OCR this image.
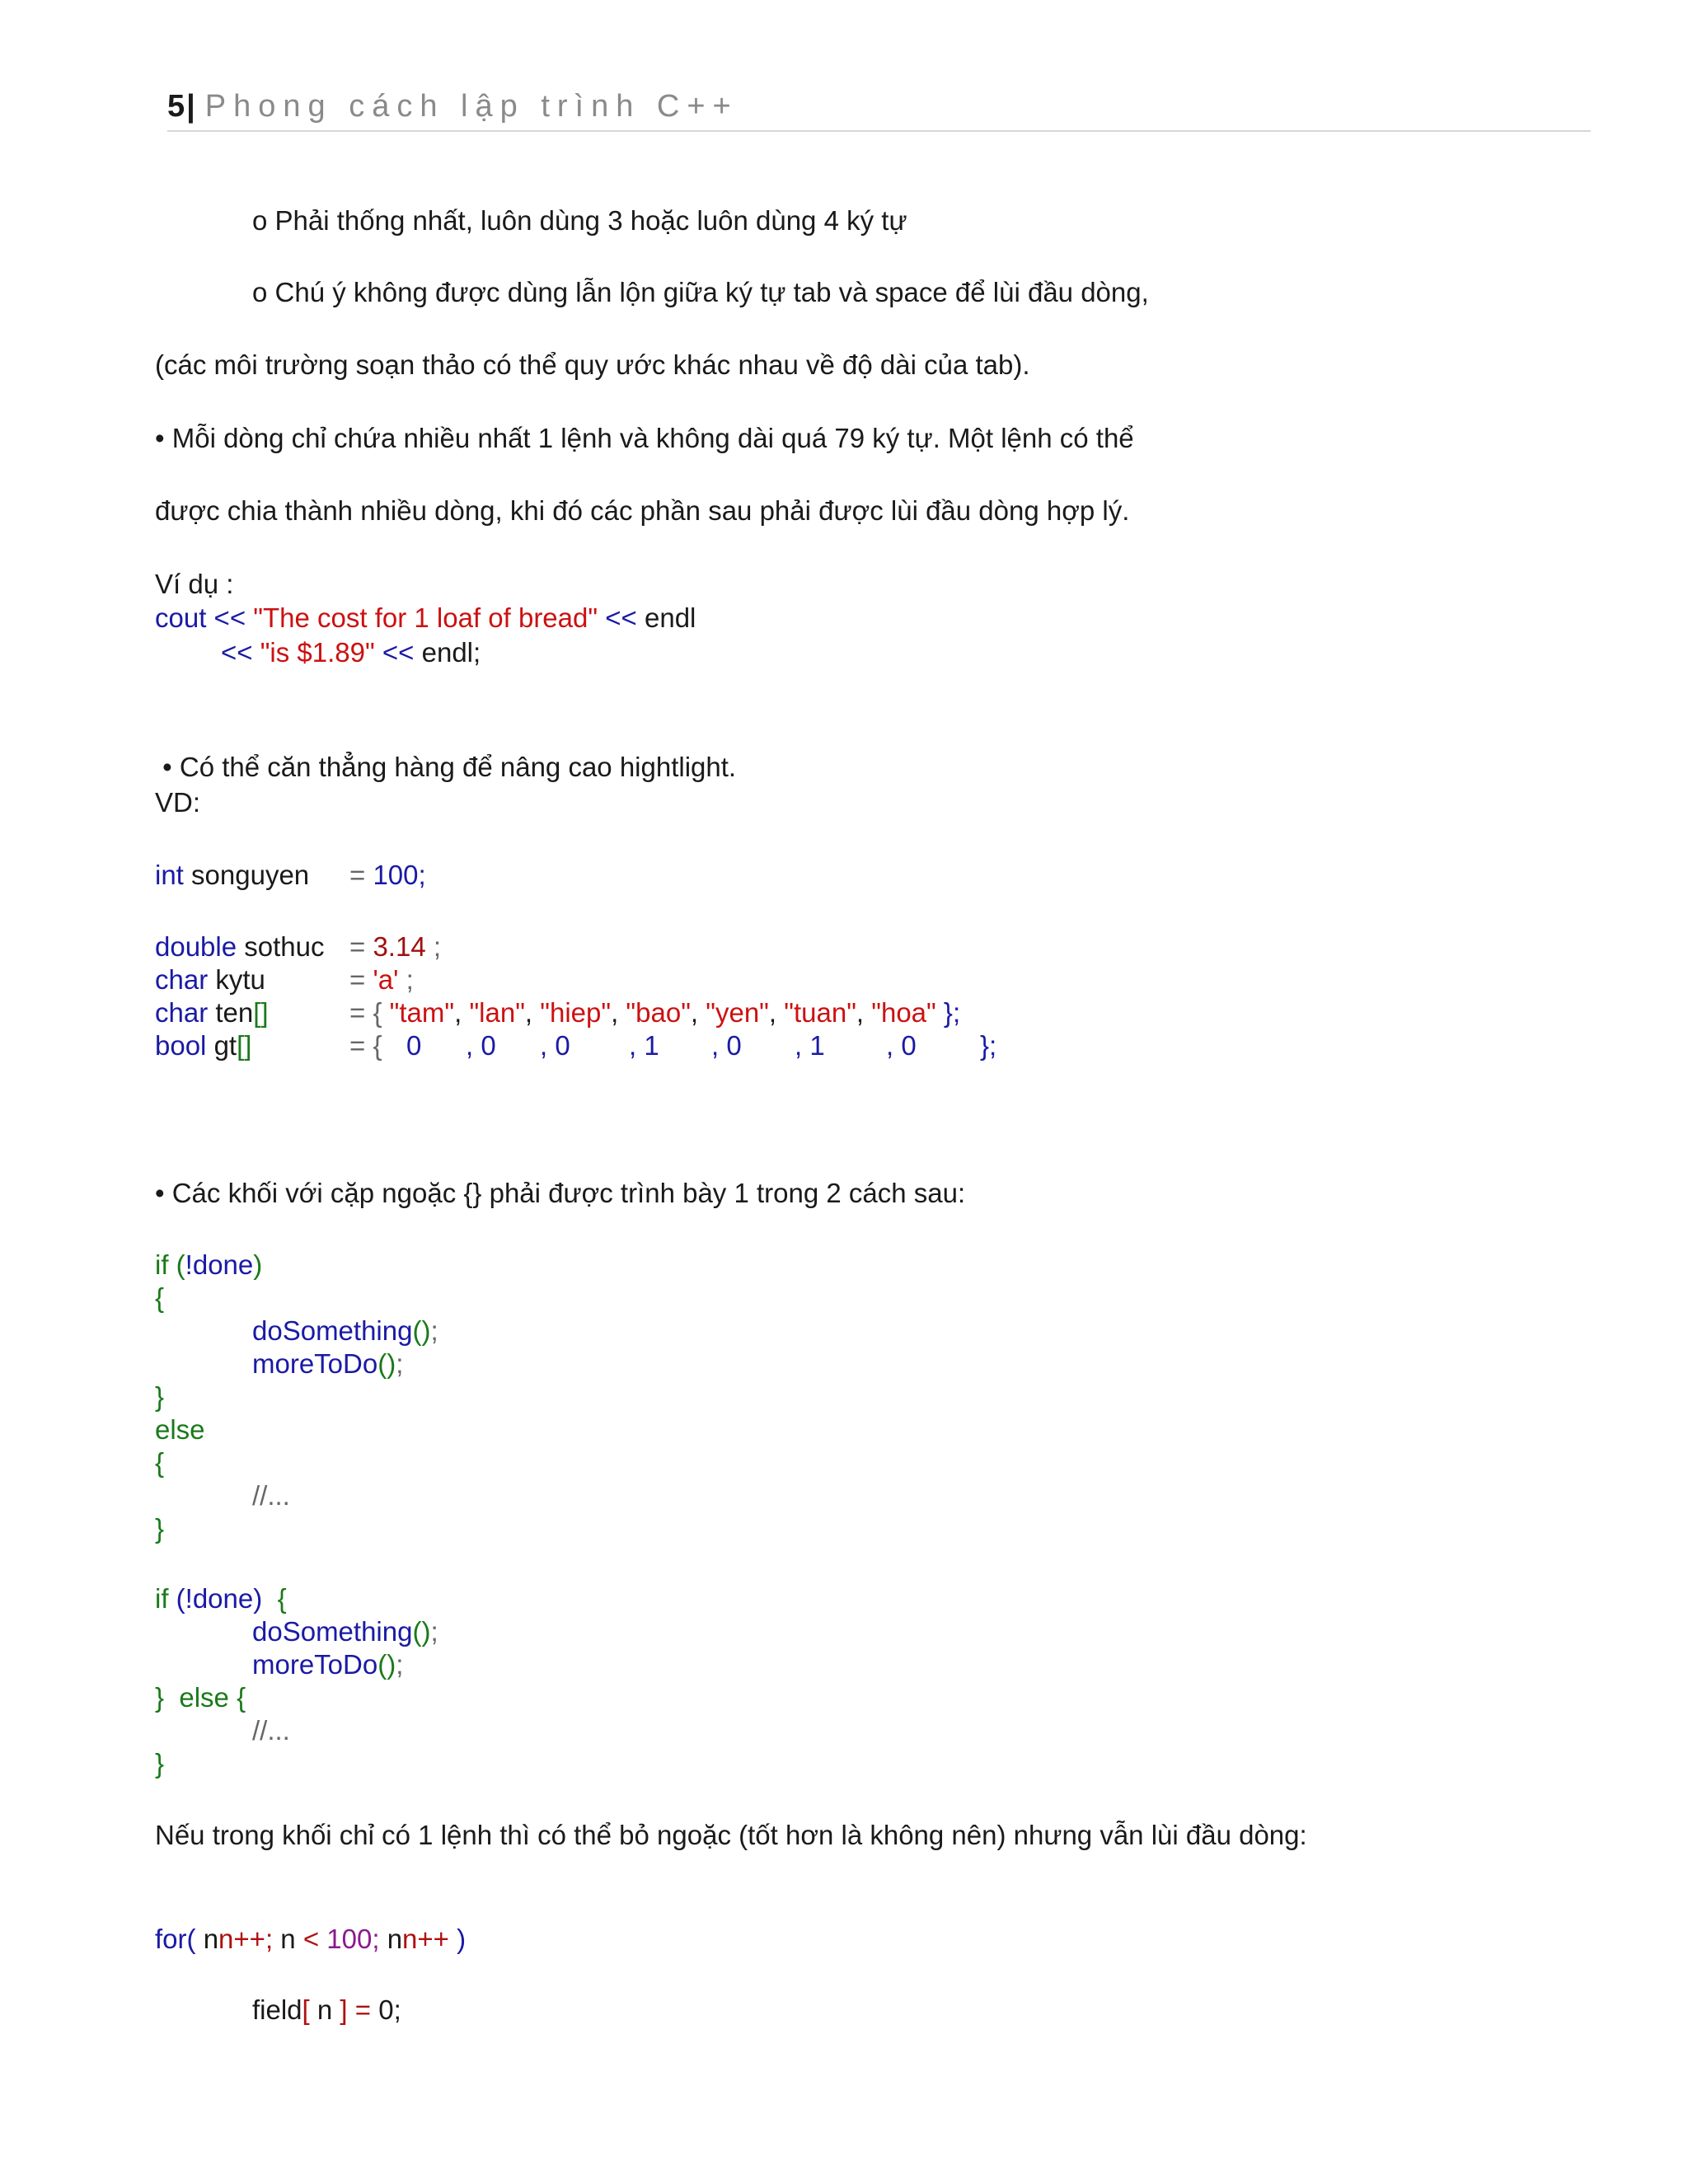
5| Phong cách lập trình C++
o Phải thống nhất, luôn dùng 3 hoặc luôn dùng 4 ký tự
o Chú ý không được dùng lẫn lộn giữa ký tự tab và space để lùi đầu dòng,
(các môi trường soạn thảo có thể quy ước khác nhau về độ dài của tab).
• Mỗi dòng chỉ chứa nhiều nhất 1 lệnh và không dài quá 79 ký tự. Một lệnh có thể
được chia thành nhiều dòng, khi đó các phần sau phải được lùi đầu dòng hợp lý.
Ví dụ :
cout << "The cost for 1 loaf of bread" << endl
<< "is $1.89" << endl;
• Có thể căn thẳng hàng để nâng cao hightlight.
VD:
int songuyen = 100;
double sothuc = 3.14 ;
char kytu	= 'a' ;
char ten[]	= { "tam", "lan", "hiep", "bao", "yen", "tuan", "hoa" };
bool gt[]	= { 0 , 0 , 0 , 1 , 0 , 1 , 0 };
• Các khối với cặp ngoặc {} phải được trình bày 1 trong 2 cách sau:
if (!done)
{
doSomething();
moreToDo();
}
else
{
//...
}
if (!done) {
doSomething();
moreToDo();
}  else {
//...
}
Nếu trong khối chỉ có 1 lệnh thì có thể bỏ ngoặc (tốt hơn là không nên) nhưng vẫn lùi đầu dòng:
for( nn++; n < 100; nn++ )
field[ n ] = 0;
